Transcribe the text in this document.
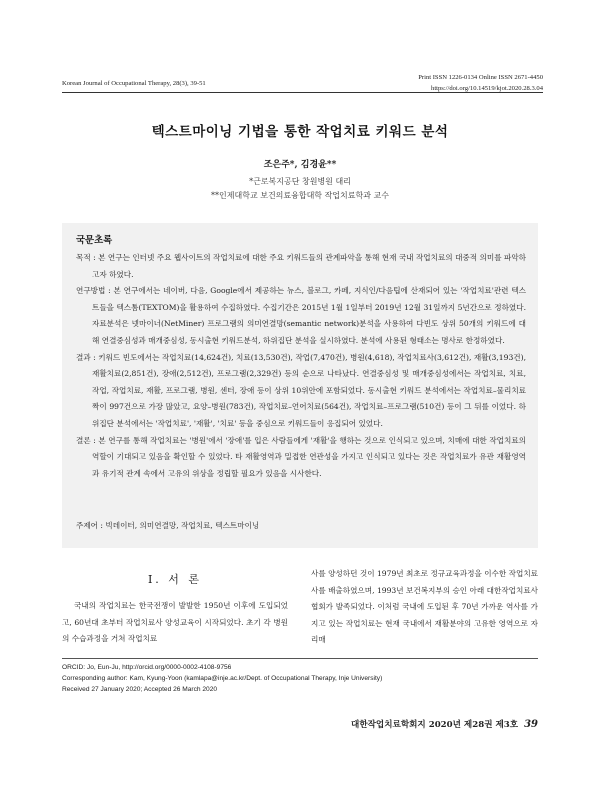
Korean Journal of Occupational Therapy, 28(3), 39-51
Print ISSN 1226-0134 Online ISSN 2671-4450
https://doi.org/10.14519/kjot.2020.28.3.04
텍스트마이닝 기법을 통한 작업치료 키워드 분석
조은주*, 김경윤**
*근로복지공단 창원병원 대리
**인제대학교 보건의료융합대학 작업치료학과 교수
국문초록
목적 : 본 연구는 인터넷 주요 웹사이트의 작업치료에 대한 주요 키워드들의 관계파악을 통해 현재 국내 작업치료의 대중적 의미를 파악하고자 하였다.
연구방법 : 본 연구에서는 네이버, 다음, Google에서 제공하는 뉴스, 블로그, 카페, 지식인/다음팁에 산재되어 있는 '작업치료'관련 텍스트들을 텍스톰(TEXTOM)을 활용하여 수집하였다. 수집기간은 2015년 1월 1일부터 2019년 12월 31일까지 5년간으로 정하였다. 자료분석은 넷마이너(NetMiner) 프로그램의 의미연결망(semantic network)분석을 사용하여 다빈도 상위 50개의 키워드에 대해 연결중심성과 매개중심성, 동시출현 키워드분석, 하위집단 분석을 실시하였다. 분석에 사용된 형태소는 명사로 한정하였다.
결과 : 키워드 빈도에서는 작업치료(14,624건), 치료(13,530건), 작업(7,470건), 병원(4,618), 작업치료사(3,612건), 재활(3,193건), 재활치료(2,851건), 장애(2,512건), 프로그램(2,329건) 등의 순으로 나타났다. 연결중심성 및 매개중심성에서는 작업치료, 치료, 작업, 작업치료, 재활, 프로그램, 병원, 센터, 장애 등이 상위 10위안에 포함되었다. 동시출현 키워드 분석에서는 작업치료–물리치료 짝이 997건으로 가장 많았고, 요양–병원(783건), 작업치료–언어치료(564건), 작업치료–프로그램(510건) 등이 그 뒤를 이었다. 하위집단 분석에서는 '작업치료', '재활', '치료' 등을 중심으로 키워드들이 응집되어 있었다.
결론 : 본 연구를 통해 작업치료는 '병원'에서 '장애'를 입은 사람들에게 '재활'을 행하는 것으로 인식되고 있으며, 치매에 대한 작업치료의 역할이 기대되고 있음을 확인할 수 있었다. 타 재활영역과 밀접한 연관성을 가지고 인식되고 있다는 것은 작업치료가 유관 재활영역과 유기적 관계 속에서 고유의 위상을 정립할 필요가 있음을 시사한다.
주제어 : 빅데이터, 의미연결망, 작업치료, 텍스트마이닝
I. 서 론
국내의 작업치료는 한국전쟁이 발발한 1950년 이후에 도입되었고, 60년대 초부터 작업치료사 양성교육이 시작되었다. 초기 각 병원의 수습과정을 거쳐 작업치료
사를 양성하던 것이 1979년 최초로 정규교육과정을 이수한 작업치료사를 배출하였으며, 1993년 보건복지부의 승인 아래 대한작업치료사협회가 발족되었다. 이처럼 국내에 도입된 후 70년 가까운 역사를 가지고 있는 작업치료는 현재 국내에서 재활분야의 고유한 영역으로 자리매
ORCID: Jo, Eun-Ju, http://orcid.org/0000-0002-4108-9756
Corresponding author: Kam, Kyung-Yoon (kamlapa@inje.ac.kr/Dept. of Occupational Therapy, Inje University)
Received 27 January 2020; Accepted 26 March 2020
대한작업치료학회지 2020년 제28권 제3호 39
